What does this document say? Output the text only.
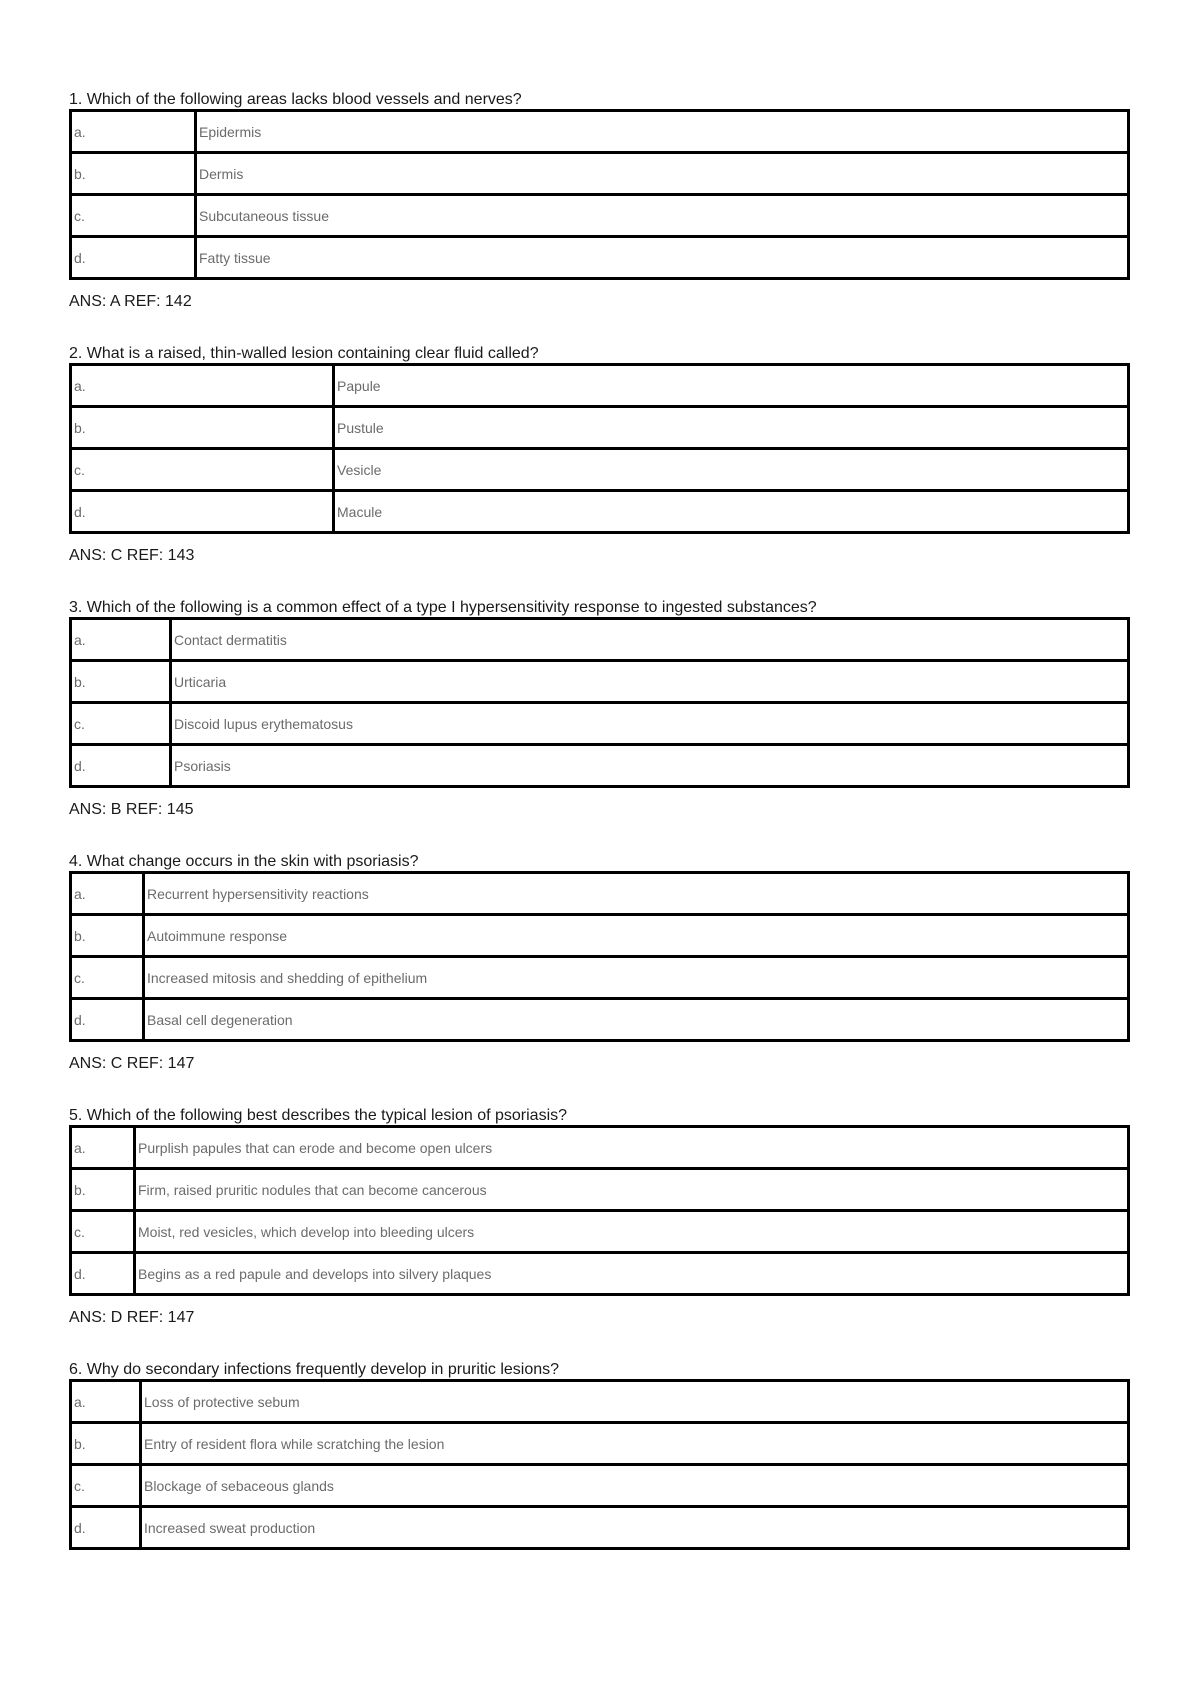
1. Which of the following areas lacks blood vessels and nerves?

a.	Epidermis
b.	Dermis
c.	Subcutaneous tissue
d.	Fatty tissue
ANS: A REF: 142

2. What is a raised, thin-walled lesion containing clear fluid called?

a.	Papule
b.	Pustule
c.	Vesicle
d.	Macule
ANS: C REF: 143

3. Which of the following is a common effect of a type I hypersensitivity response to ingested substances?

a.	Contact dermatitis
b.	Urticaria
c.	Discoid lupus erythematosus
d.	Psoriasis
ANS: B REF: 145

4. What change occurs in the skin with psoriasis?

a.	Recurrent hypersensitivity reactions
b.	Autoimmune response
c.	Increased mitosis and shedding of epithelium
d.	Basal cell degeneration
ANS: C REF: 147

5. Which of the following best describes the typical lesion of psoriasis?

a.	Purplish papules that can erode and become open ulcers
b.	Firm, raised pruritic nodules that can become cancerous
c.	Moist, red vesicles, which develop into bleeding ulcers
d.	Begins as a red papule and develops into silvery plaques
ANS: D REF: 147

6. Why do secondary infections frequently develop in pruritic lesions?

a.	Loss of protective sebum
b.	Entry of resident flora while scratching the lesion
c.	Blockage of sebaceous glands
d.	Increased sweat production
